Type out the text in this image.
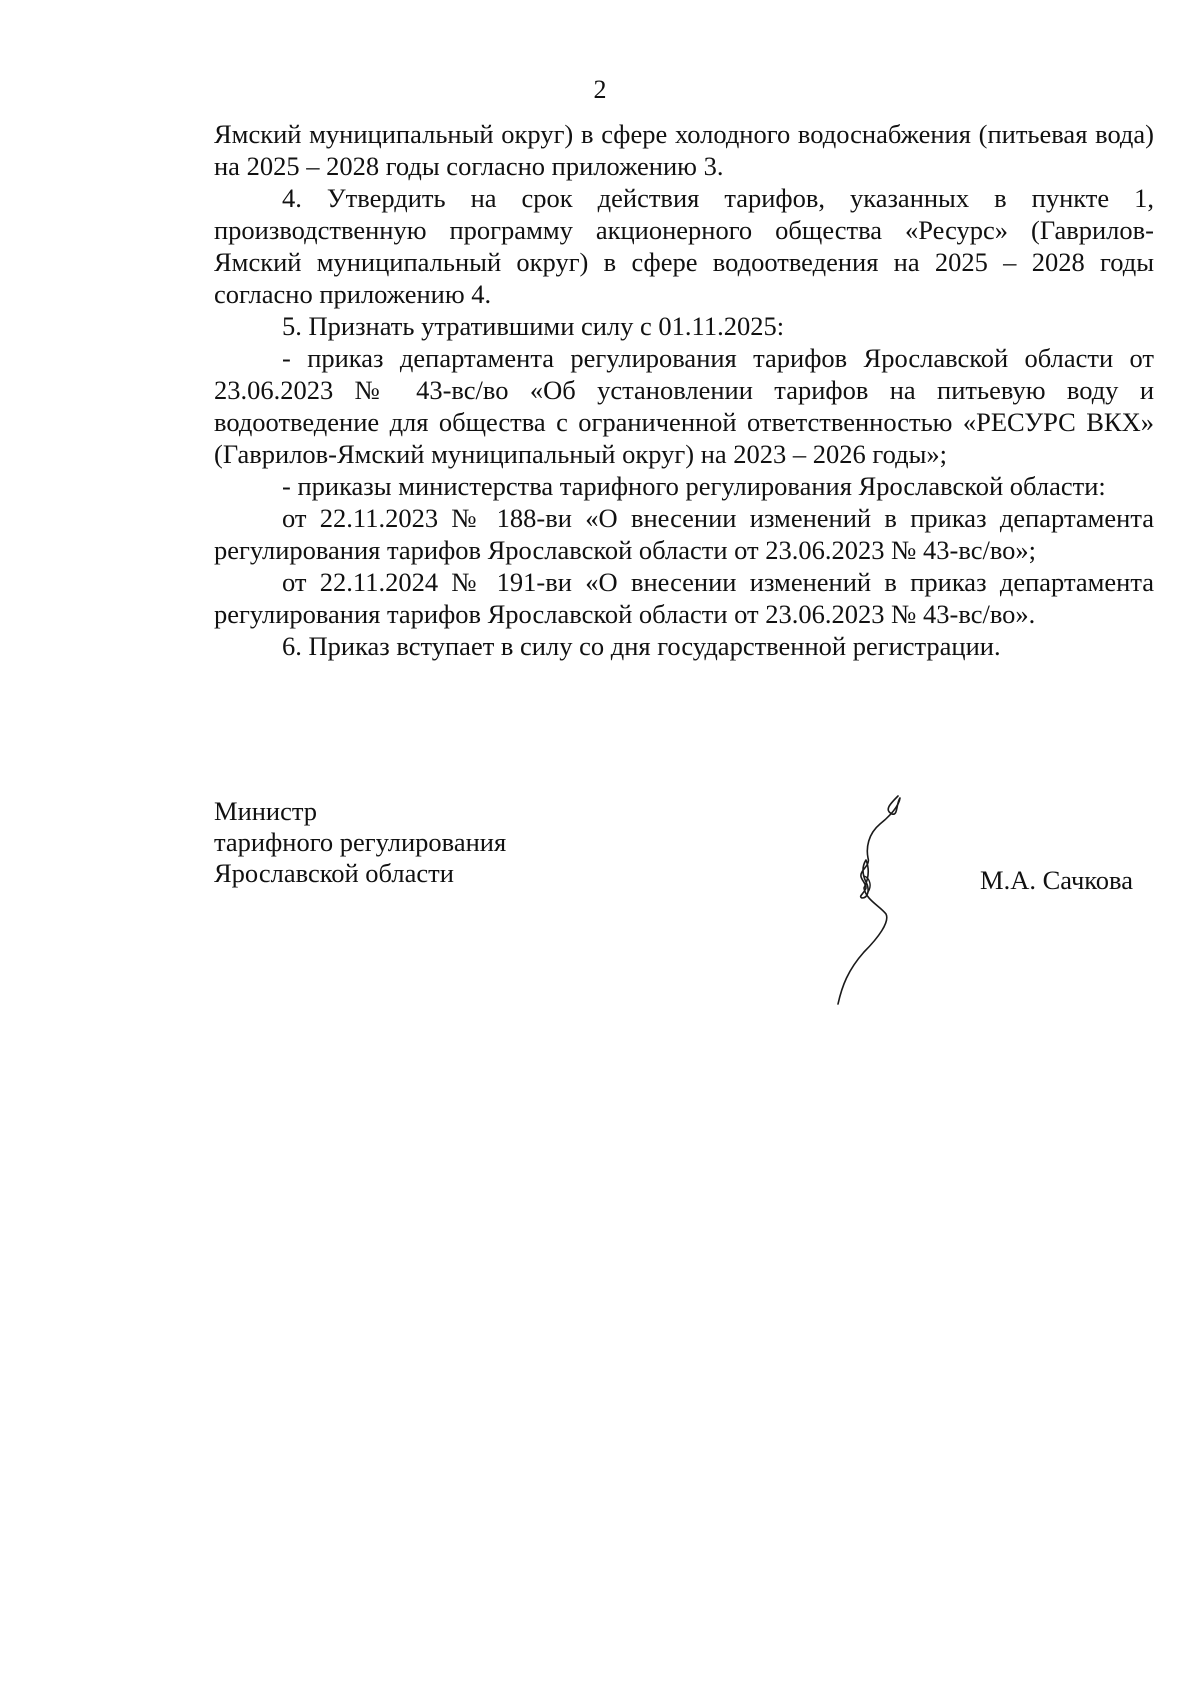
2

Ямский муниципальный округ) в сфере холодного водоснабжения (питьевая вода) на 2025 – 2028 годы согласно приложению 3.

4. Утвердить на срок действия тарифов, указанных в пункте 1, производственную программу акционерного общества «Ресурс» (Гаврилов-Ямский муниципальный округ) в сфере водоотведения на 2025 – 2028 годы согласно приложению 4.

5. Признать утратившими силу с 01.11.2025:

- приказ департамента регулирования тарифов Ярославской области от 23.06.2023 № 43-вс/во «Об установлении тарифов на питьевую воду и водоотведение для общества с ограниченной ответственностью «РЕСУРС ВКХ» (Гаврилов-Ямский муниципальный округ) на 2023 – 2026 годы»;

- приказы министерства тарифного регулирования Ярославской области:

от 22.11.2023 № 188-ви «О внесении изменений в приказ департамента регулирования тарифов Ярославской области от 23.06.2023 № 43-вс/во»;

от 22.11.2024 № 191-ви «О внесении изменений в приказ департамента регулирования тарифов Ярославской области от 23.06.2023 № 43-вс/во».

6. Приказ вступает в силу со дня государственной регистрации.

Министр
тарифного регулирования
Ярославской области	М.А. Сачкова
